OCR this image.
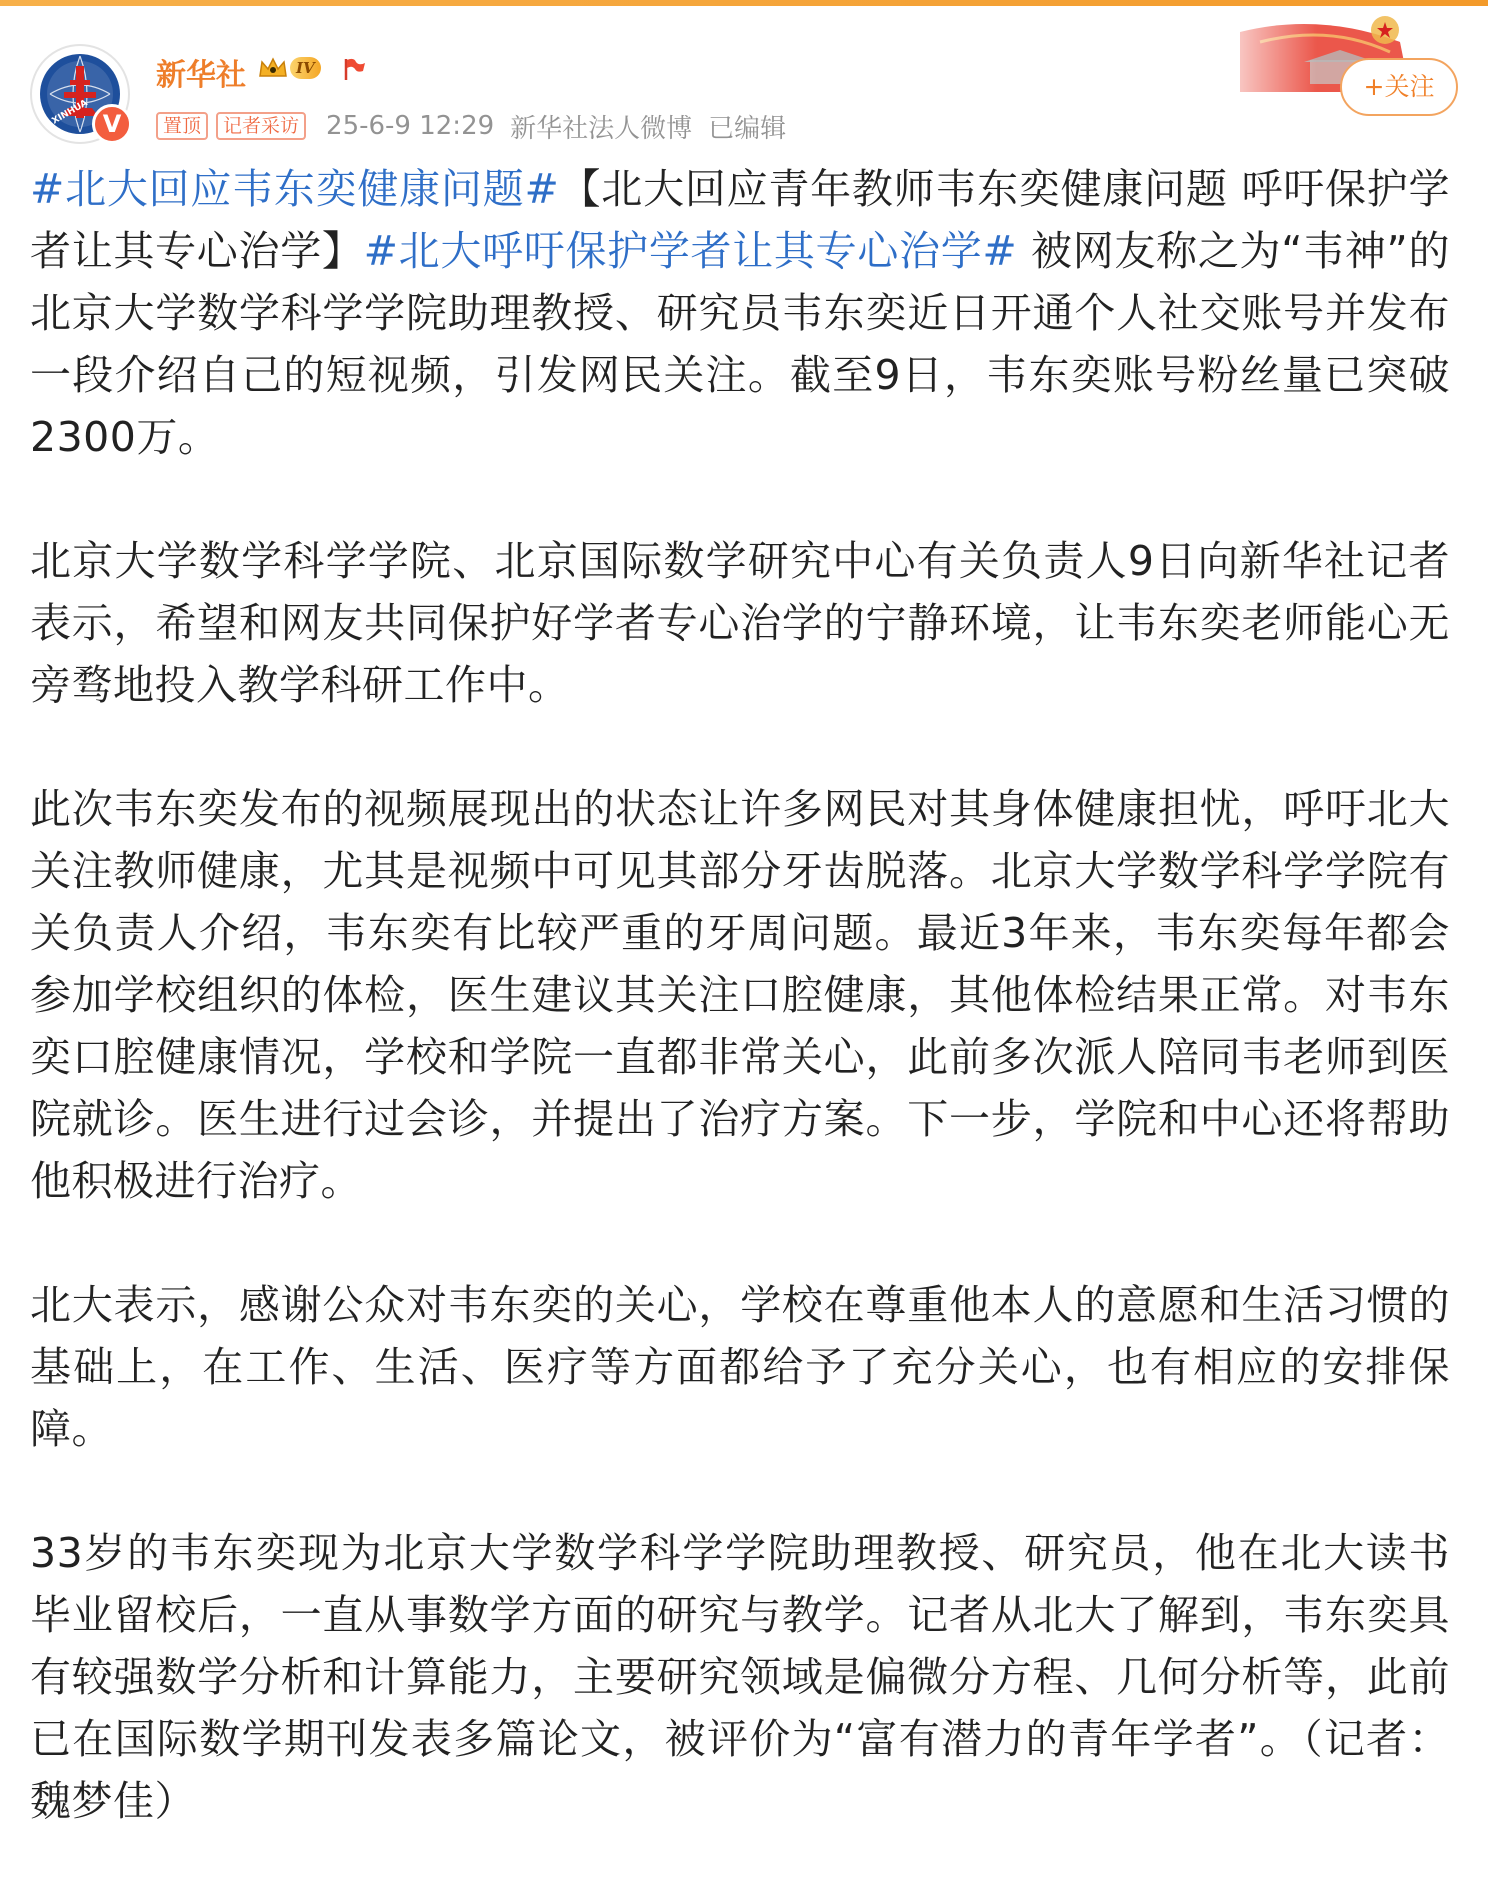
XINHUA V
新华社	IV
置顶	记者采访 25-6-9 12:29 新华社法人微博 已编辑
+关注

#北大回应韦东奕健康问题#【北大回应青年教师韦东奕健康问题 呼吁保护学者让其专心治学】#北大呼吁保护学者让其专心治学# 被网友称之为“韦神”的北京大学数学科学学院助理教授、研究员韦东奕近日开通个人社交账号并发布一段介绍自己的短视频，引发网民关注。截至9日，韦东奕账号粉丝量已突破2300万。

北京大学数学科学学院、北京国际数学研究中心有关负责人9日向新华社记者表示，希望和网友共同保护好学者专心治学的宁静环境，让韦东奕老师能心无旁骛地投入教学科研工作中。

此次韦东奕发布的视频展现出的状态让许多网民对其身体健康担忧，呼吁北大关注教师健康，尤其是视频中可见其部分牙齿脱落。北京大学数学科学学院有关负责人介绍，韦东奕有比较严重的牙周问题。最近3年来，韦东奕每年都会参加学校组织的体检，医生建议其关注口腔健康，其他体检结果正常。对韦东奕口腔健康情况，学校和学院一直都非常关心，此前多次派人陪同韦老师到医院就诊。医生进行过会诊，并提出了治疗方案。下一步，学院和中心还将帮助他积极进行治疗。

北大表示，感谢公众对韦东奕的关心，学校在尊重他本人的意愿和生活习惯的基础上，在工作、生活、医疗等方面都给予了充分关心，也有相应的安排保障。

33岁的韦东奕现为北京大学数学科学学院助理教授、研究员，他在北大读书毕业留校后，一直从事数学方面的研究与教学。记者从北大了解到，韦东奕具有较强数学分析和计算能力，主要研究领域是偏微分方程、几何分析等，此前已在国际数学期刊发表多篇论文，被评价为“富有潜力的青年学者”。（记者：魏梦佳）
